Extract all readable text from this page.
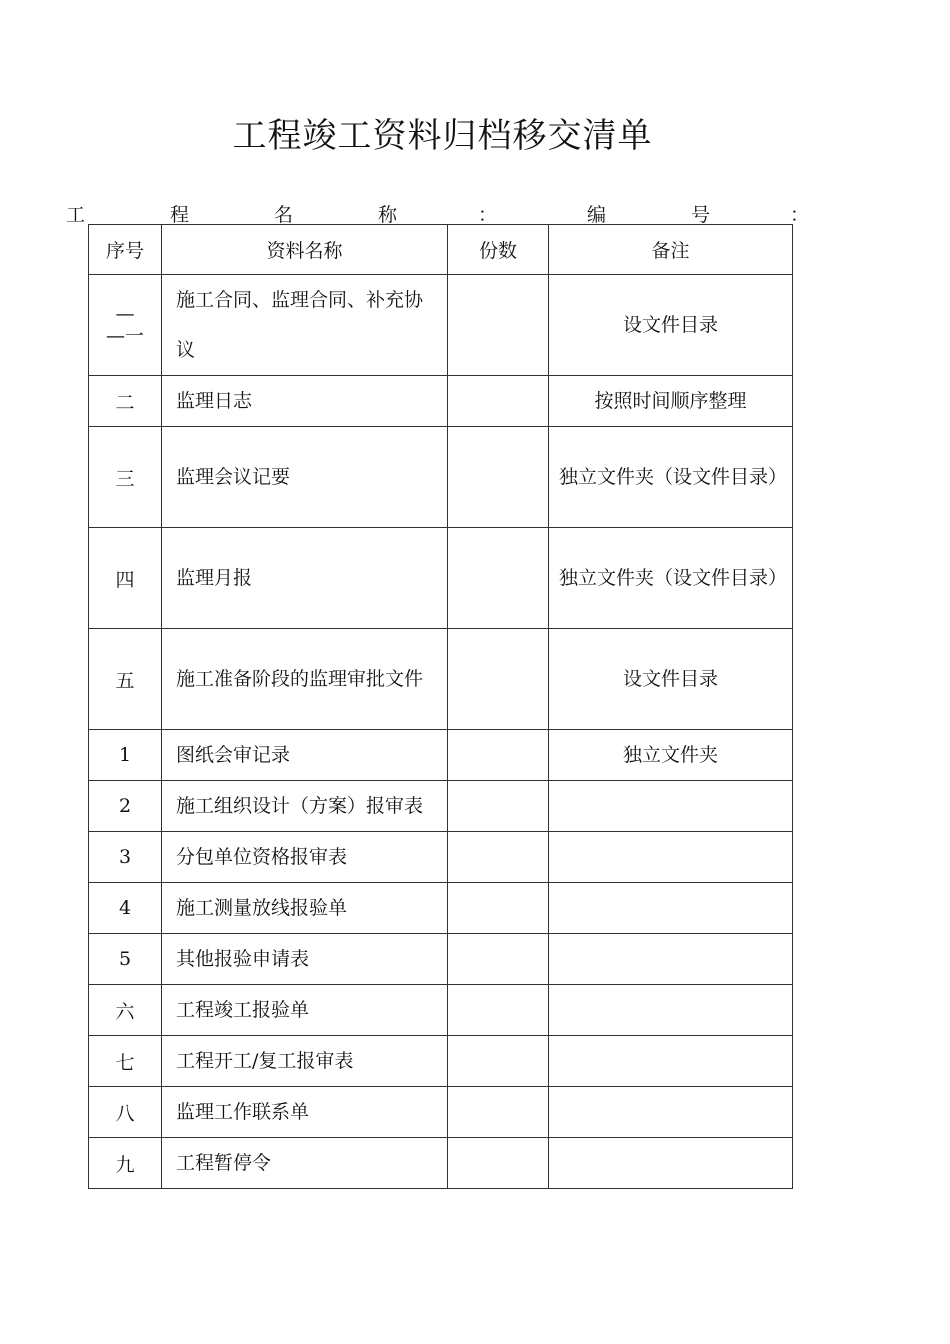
工程竣工资料归档移交清单
工	程	名	称	：	编	号	：
序号	资料名称	份数	备注
—
—一	施工合同、监理合同、补充协议		设文件目录
二	监理日志		按照时间顺序整理
三	监理会议记要		独立文件夹（设文件目录）
四	监理月报		独立文件夹（设文件目录）
五	施工准备阶段的监理审批文件		设文件目录
1	图纸会审记录		独立文件夹
2	施工组织设计（方案）报审表		
3	分包单位资格报审表		
4	施工测量放线报验单		
5	其他报验申请表		
六	工程竣工报验单		
七	工程开工/复工报审表		
八	监理工作联系单		
九	工程暂停令		
